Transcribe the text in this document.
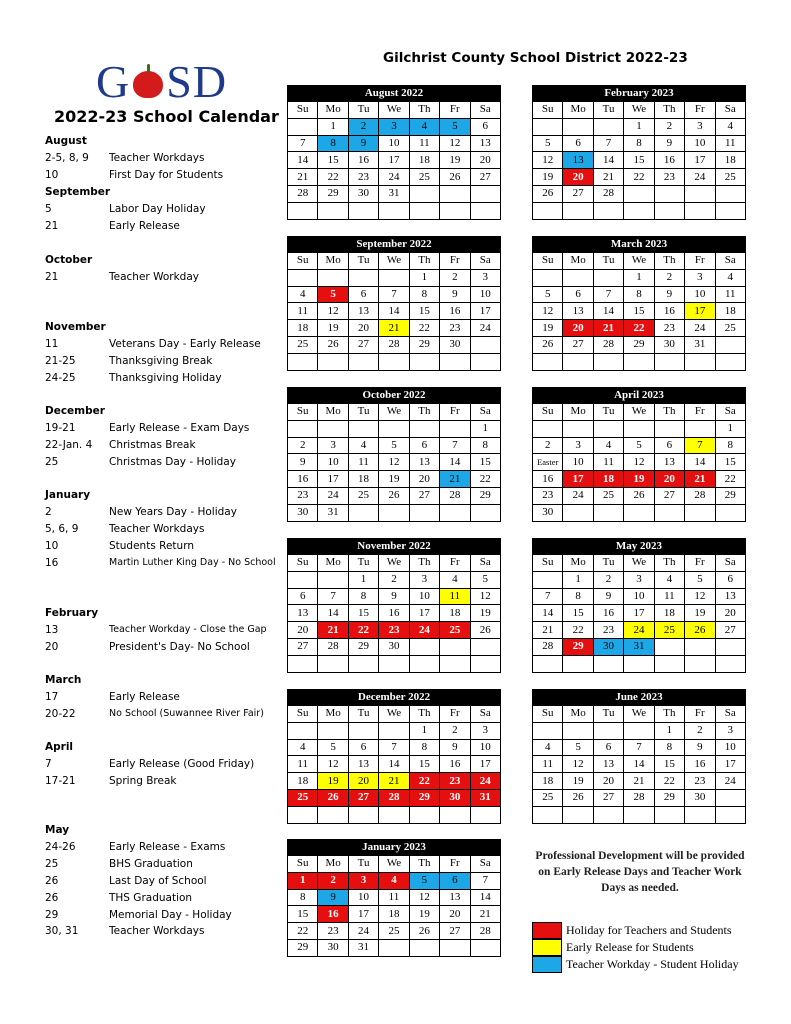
G SD
2022-23 School Calendar
Gilchrist County School District 2022-23
August
2-5, 8, 9 Teacher Workdays
10	First Day for Students
September
5	Labor Day Holiday
21	Early Release
October
21	Teacher Workday
November
11	Veterans Day - Early Release
21-25	Thanksgiving Break
24-25	Thanksgiving Holiday
December
19-21	Early Release - Exam Days
22-Jan. 4 Christmas Break
25	Christmas Day - Holiday
January
2	New Years Day - Holiday
5, 6, 9	Teacher Workdays
10	Students Return
16	Martin Luther King Day - No School
February
13	Teacher Workday - Close the Gap
20	President's Day- No School
March
17	Early Release
20-22	No School (Suwannee River Fair)
April
7	Early Release (Good Friday)
17-21	Spring Break
May
24-26	Early Release - Exams
25	BHS Graduation
26	Last Day of School
26	THS Graduation
29	Memorial Day - Holiday
30, 31	Teacher Workdays
August 2022
Su	Mo	Tu	We	Th	Fr	Sa
	1	2	3	4	5	6
7	8	9	10	11	12	13
14	15	16	17	18	19	20
21	22	23	24	25	26	27
28	29	30	31			

February 2023
Su	Mo	Tu	We	Th	Fr	Sa
			1	2	3	4
5	6	7	8	9	10	11
12	13	14	15	16	17	18
19	20	21	22	23	24	25
26	27	28				

September 2022
Su	Mo	Tu	We	Th	Fr	Sa
				1	2	3
4	5	6	7	8	9	10
11	12	13	14	15	16	17
18	19	20	21	22	23	24
25	26	27	28	29	30	

March 2023
Su	Mo	Tu	We	Th	Fr	Sa
			1	2	3	4
5	6	7	8	9	10	11
12	13	14	15	16	17	18
19	20	21	22	23	24	25
26	27	28	29	30	31	

October 2022
Su	Mo	Tu	We	Th	Fr	Sa
						1
2	3	4	5	6	7	8
9	10	11	12	13	14	15
16	17	18	19	20	21	22
23	24	25	26	27	28	29
30	31					
April 2023
Su	Mo	Tu	We	Th	Fr	Sa
						1
2	3	4	5	6	7	8
Easter	10	11	12	13	14	15
16	17	18	19	20	21	22
23	24	25	26	27	28	29
30						
November 2022
Su	Mo	Tu	We	Th	Fr	Sa
		1	2	3	4	5
6	7	8	9	10	11	12
13	14	15	16	17	18	19
20	21	22	23	24	25	26
27	28	29	30			

May 2023
Su	Mo	Tu	We	Th	Fr	Sa
	1	2	3	4	5	6
7	8	9	10	11	12	13
14	15	16	17	18	19	20
21	22	23	24	25	26	27
28	29	30	31			

December 2022
Su	Mo	Tu	We	Th	Fr	Sa
				1	2	3
4	5	6	7	8	9	10
11	12	13	14	15	16	17
18	19	20	21	22	23	24
25	26	27	28	29	30	31

June 2023
Su	Mo	Tu	We	Th	Fr	Sa
				1	2	3
4	5	6	7	8	9	10
11	12	13	14	15	16	17
18	19	20	21	22	23	24
25	26	27	28	29	30	

January 2023
Su	Mo	Tu	We	Th	Fr	Sa
1	2	3	4	5	6	7
8	9	10	11	12	13	14
15	16	17	18	19	20	21
22	23	24	25	26	27	28
29	30	31				
Professional Development will be provided on Early Release Days and Teacher Work Days as needed.
Holiday for Teachers and Students
Early Release for Students
Teacher Workday - Student Holiday
